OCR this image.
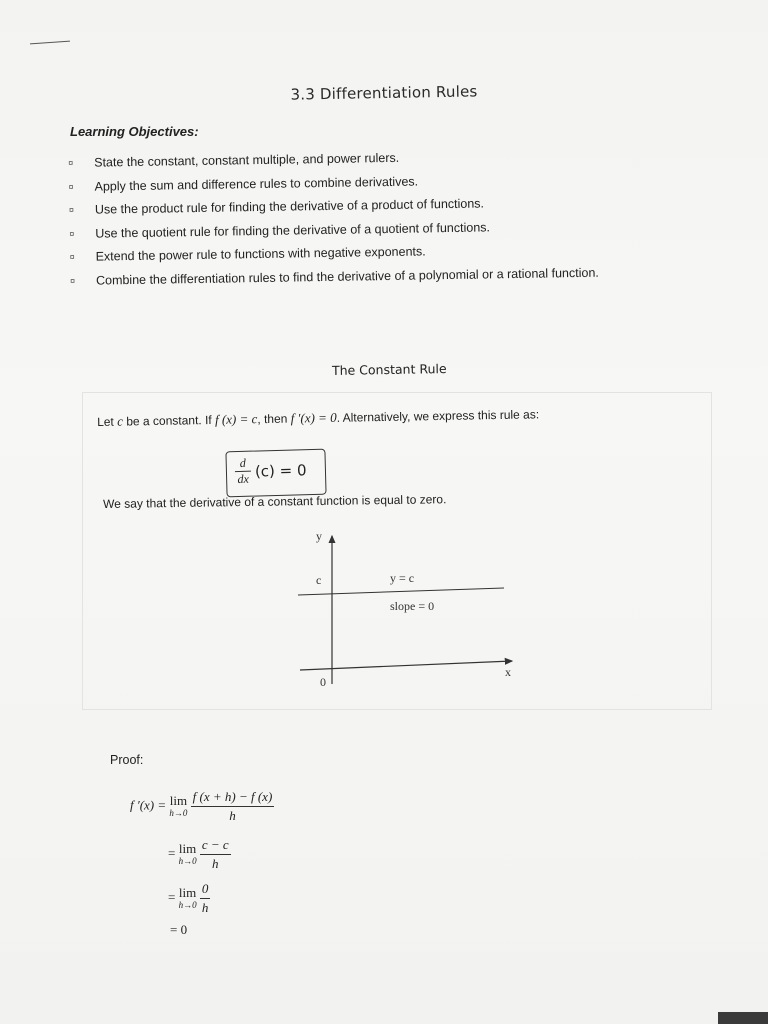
3.3 Differentiation Rules
Learning Objectives:
¤	State the constant, constant multiple, and power rulers.
¤	Apply the sum and difference rules to combine derivatives.
¤	Use the product rule for finding the derivative of a product of functions.
¤	Use the quotient rule for finding the derivative of a quotient of functions.
¤	Extend the power rule to functions with negative exponents.
¤	Combine the differentiation rules to find the derivative of a polynomial or a rational function.
The Constant Rule
Let c be a constant. If f (x) = c, then f ′(x) = 0. Alternatively, we express this rule as:
$\frac{d}{dx} (c) = 0$
We say that the derivative of a constant function is equal to zero.
y
x
0
c	y = c
slope = 0
Proof:
f ′(x) = lim
h→0
$\frac{f (x + h) - f (x)}{h}$
= lim
h→0
$\frac{c - c}{h}$
= lim
h→0
$\frac{0}{h}$
= 0
